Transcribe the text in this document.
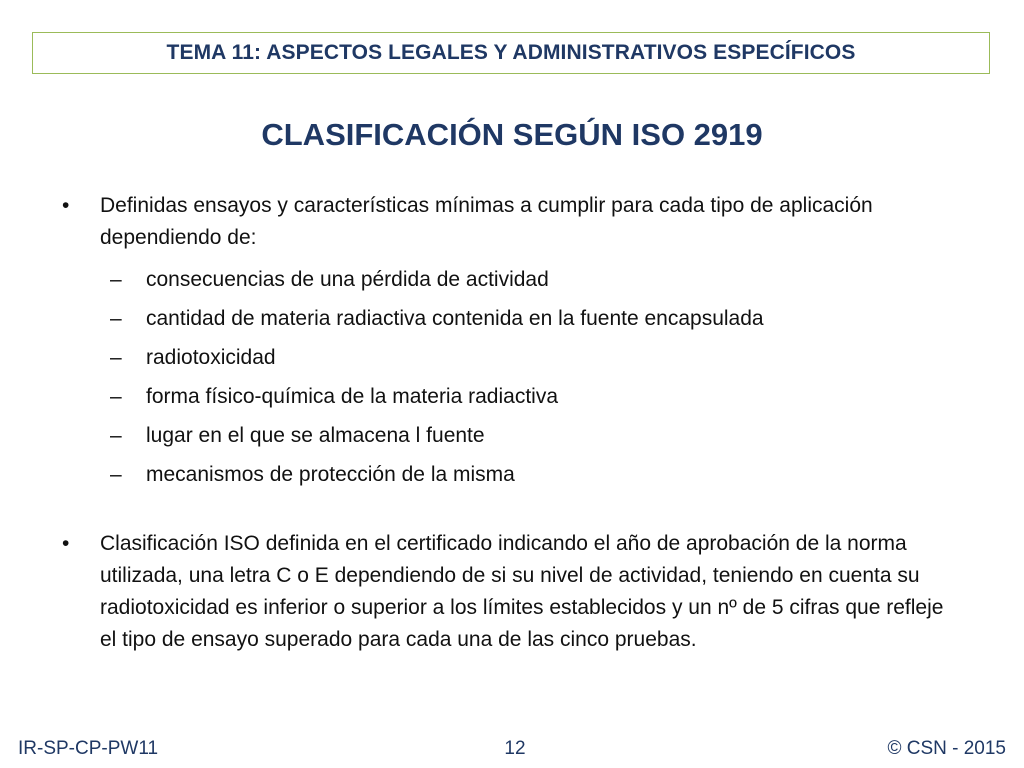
TEMA 11: ASPECTOS LEGALES Y ADMINISTRATIVOS ESPECÍFICOS
CLASIFICACIÓN SEGÚN ISO 2919
•	Definidas ensayos y características mínimas a cumplir para cada tipo de aplicación dependiendo de:
–	consecuencias de una pérdida de actividad
–	cantidad de materia radiactiva contenida en la fuente encapsulada
–	radiotoxicidad
–	forma físico-química de la materia radiactiva
–	lugar en el que se almacena l fuente
–	mecanismos de protección de la misma
•	Clasificación ISO definida en el certificado indicando el año de aprobación de la norma utilizada, una letra C o E dependiendo de si su nivel de actividad, teniendo en cuenta su radiotoxicidad es inferior o superior a los límites establecidos y un nº de 5 cifras que refleje el tipo de ensayo superado para cada una de las cinco pruebas.
IR-SP-CP-PW11	12	© CSN - 2015
